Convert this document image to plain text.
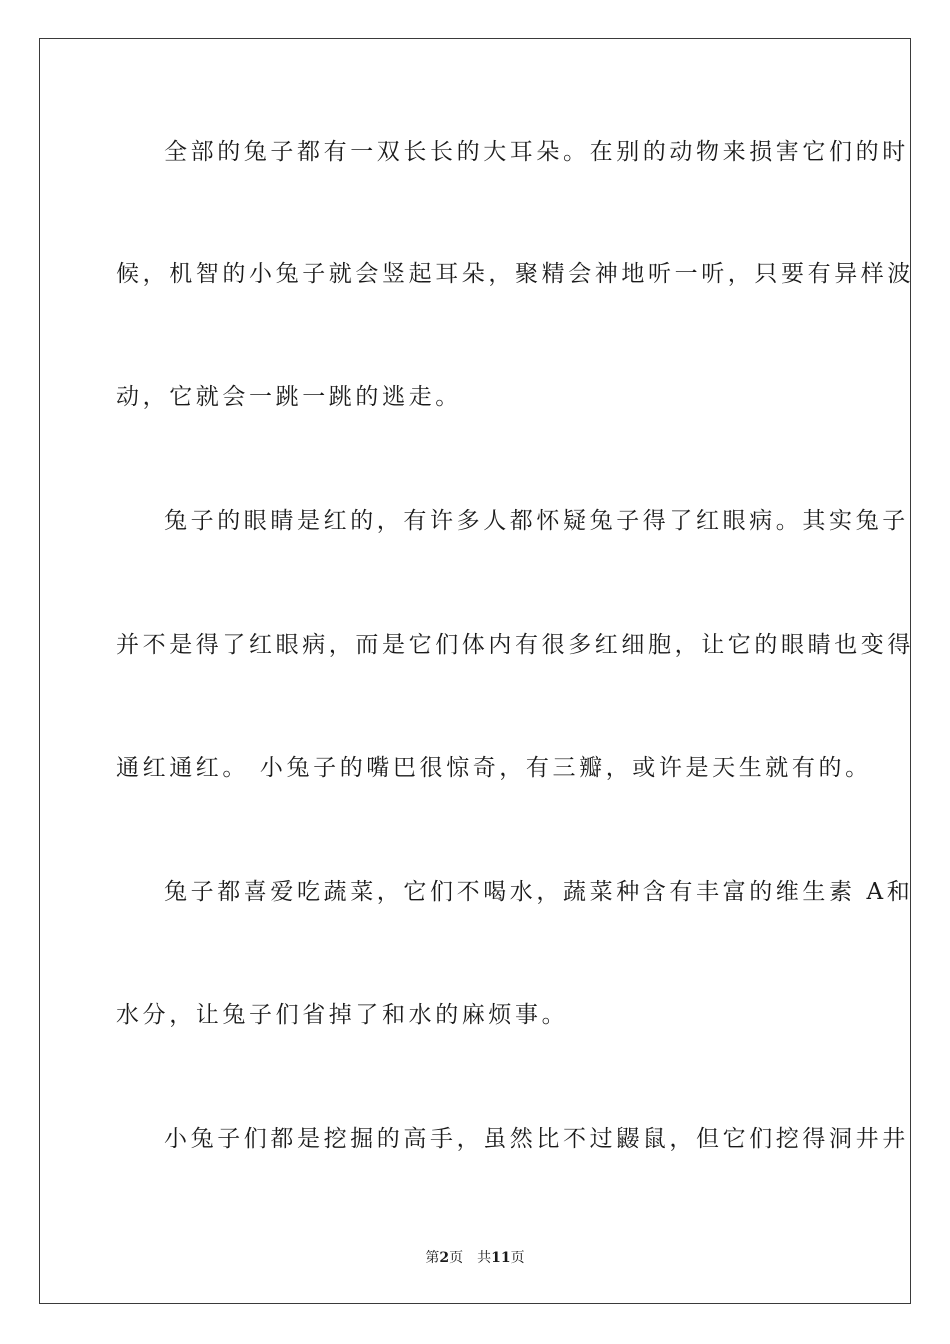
全部的兔子都有一双长长的大耳朵。在别的动物来损害它们的时
候，机智的小兔子就会竖起耳朵，聚精会神地听一听，只要有异样波
动，它就会一跳一跳的逃走。
兔子的眼睛是红的，有许多人都怀疑兔子得了红眼病。其实兔子
并不是得了红眼病，而是它们体内有很多红细胞，让它的眼睛也变得
通红通红。 小兔子的嘴巴很惊奇，有三瓣，或许是天生就有的。
兔子都喜爱吃蔬菜，它们不喝水，蔬菜种含有丰富的维生素 A和
水分，让兔子们省掉了和水的麻烦事。
小兔子们都是挖掘的高手，虽然比不过鼹鼠，但它们挖得洞井井
第2页 共11页
